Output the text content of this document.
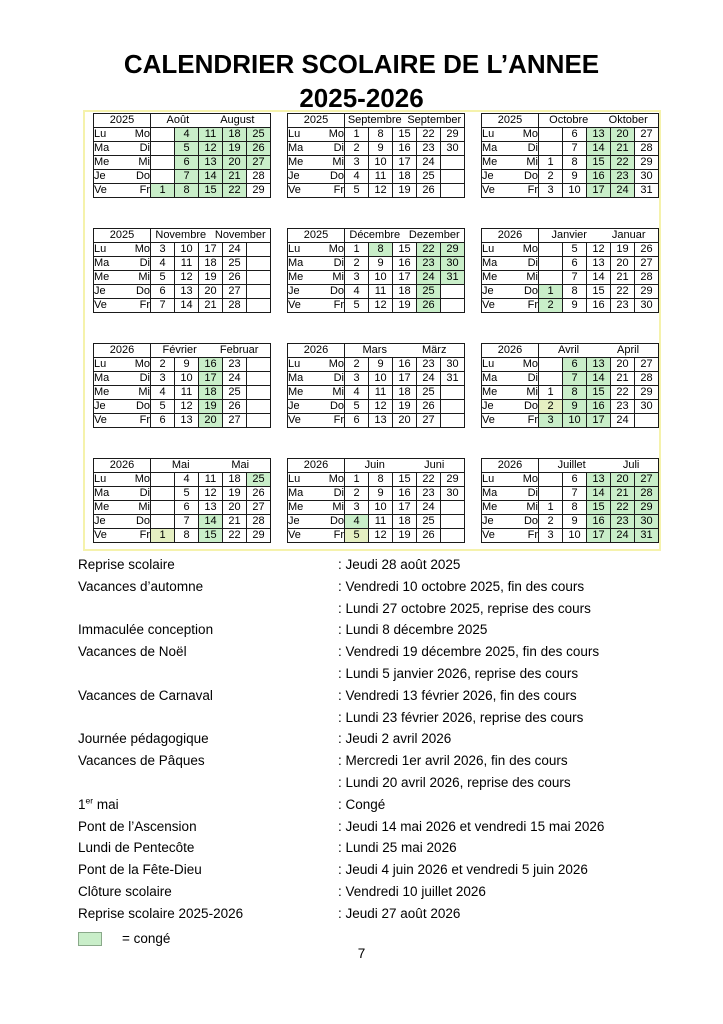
CALENDRIER SCOLAIRE DE L’ANNEE
2025-2026
2025	Août August				

Lu Mo		4	11	18	25

Ma Di		5	12	19	26

Me Mi		6	13	20	27

Je Do		7	14	21	28

Ve Fr	1	8	15	22	29
2025	Septembre September				

Lu Mo	1	8	15	22	29

Ma Di	2	9	16	23	30

Me Mi	3	10	17	24	

Je Do	4	11	18	25	

Ve Fr	5	12	19	26	
2025	Octobre Oktober				

Lu Mo		6	13	20	27

Ma Di		7	14	21	28

Me Mi	1	8	15	22	29

Je Do	2	9	16	23	30

Ve Fr	3	10	17	24	31
2025	Novembre November				

Lu Mo	3	10	17	24	

Ma Di	4	11	18	25	

Me Mi	5	12	19	26	

Je Do	6	13	20	27	

Ve Fr	7	14	21	28	
2025	Décembre Dezember				

Lu Mo	1	8	15	22	29

Ma Di	2	9	16	23	30

Me Mi	3	10	17	24	31

Je Do	4	11	18	25	

Ve Fr	5	12	19	26	
2026	Janvier Januar				

Lu Mo		5	12	19	26

Ma Di		6	13	20	27

Me Mi		7	14	21	28

Je Do	1	8	15	22	29

Ve Fr	2	9	16	23	30
2026	Février Februar				

Lu Mo	2	9	16	23	

Ma Di	3	10	17	24	

Me Mi	4	11	18	25	

Je Do	5	12	19	26	

Ve Fr	6	13	20	27	
2026	Mars März				

Lu Mo	2	9	16	23	30

Ma Di	3	10	17	24	31

Me Mi	4	11	18	25	

Je Do	5	12	19	26	

Ve Fr	6	13	20	27	
2026	Avril April				

Lu Mo		6	13	20	27

Ma Di		7	14	21	28

Me Mi	1	8	15	22	29

Je Do	2	9	16	23	30

Ve Fr	3	10	17	24	
2026	Mai Mai				

Lu Mo		4	11	18	25

Ma Di		5	12	19	26

Me Mi		6	13	20	27

Je Do		7	14	21	28

Ve Fr	1	8	15	22	29
2026	Juin Juni				

Lu Mo	1	8	15	22	29

Ma Di	2	9	16	23	30

Me Mi	3	10	17	24	

Je Do	4	11	18	25	

Ve Fr	5	12	19	26	
2026	Juillet Juli				

Lu Mo		6	13	20	27

Ma Di		7	14	21	28

Me Mi	1	8	15	22	29

Je Do	2	9	16	23	30

Ve Fr	3	10	17	24	31
Reprise scolaire	: Jeudi 28 août 2025
Vacances d’automne	: Vendredi 10 octobre 2025, fin des cours
: Lundi 27 octobre 2025, reprise des cours
Immaculée conception	: Lundi 8 décembre 2025
Vacances de Noël	: Vendredi 19 décembre 2025, fin des cours
: Lundi 5 janvier 2026, reprise des cours
Vacances de Carnaval	: Vendredi 13 février 2026, fin des cours
: Lundi 23 février 2026, reprise des cours
Journée pédagogique	: Jeudi 2 avril 2026
Vacances de Pâques	: Mercredi 1er avril 2026, fin des cours
: Lundi 20 avril 2026, reprise des cours
1er mai	: Congé
Pont de l’Ascension	: Jeudi 14 mai 2026 et vendredi 15 mai 2026
Lundi de Pentecôte	: Lundi 25 mai 2026
Pont de la Fête-Dieu	: Jeudi 4 juin 2026 et vendredi 5 juin 2026
Clôture scolaire	: Vendredi 10 juillet 2026
Reprise scolaire 2025-2026	: Jeudi 27 août 2026
= congé
7
